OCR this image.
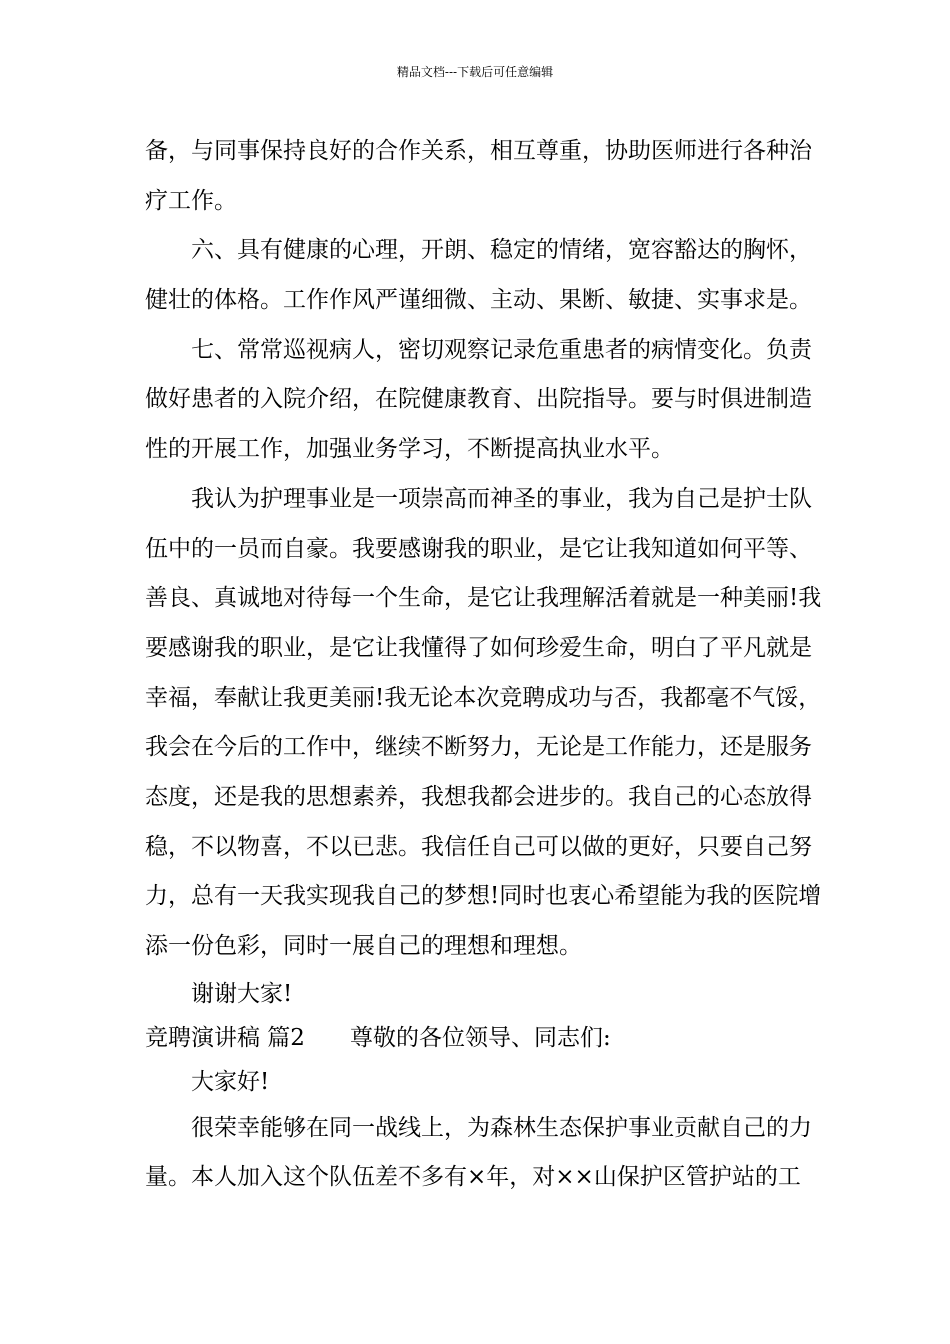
精品文档---下载后可任意编辑
备，与同事保持良好的合作关系，相互尊重，协助医师进行各种治
疗工作。
六、具有健康的心理，开朗、稳定的情绪，宽容豁达的胸怀，
健壮的体格。工作作风严谨细微、主动、果断、敏捷、实事求是。
七、常常巡视病人，密切观察记录危重患者的病情变化。负责
做好患者的入院介绍，在院健康教育、出院指导。要与时俱进制造
性的开展工作，加强业务学习，不断提高执业水平。
我认为护理事业是一项崇高而神圣的事业，我为自己是护士队
伍中的一员而自豪。我要感谢我的职业，是它让我知道如何平等、
善良、真诚地对待每一个生命，是它让我理解活着就是一种美丽!我
要感谢我的职业，是它让我懂得了如何珍爱生命，明白了平凡就是
幸福，奉献让我更美丽!我无论本次竞聘成功与否，我都毫不气馁，
我会在今后的工作中，继续不断努力，无论是工作能力，还是服务
态度，还是我的思想素养，我想我都会进步的。我自己的心态放得
稳，不以物喜，不以已悲。我信任自己可以做的更好，只要自己努
力，总有一天我实现我自己的梦想!同时也衷心希望能为我的医院增
添一份色彩，同时一展自己的理想和理想。
谢谢大家!
竞聘演讲稿 篇2 尊敬的各位领导、同志们:
大家好!
很荣幸能够在同一战线上，为森林生态保护事业贡献自己的力
量。本人加入这个队伍差不多有×年，对××山保护区管护站的工
